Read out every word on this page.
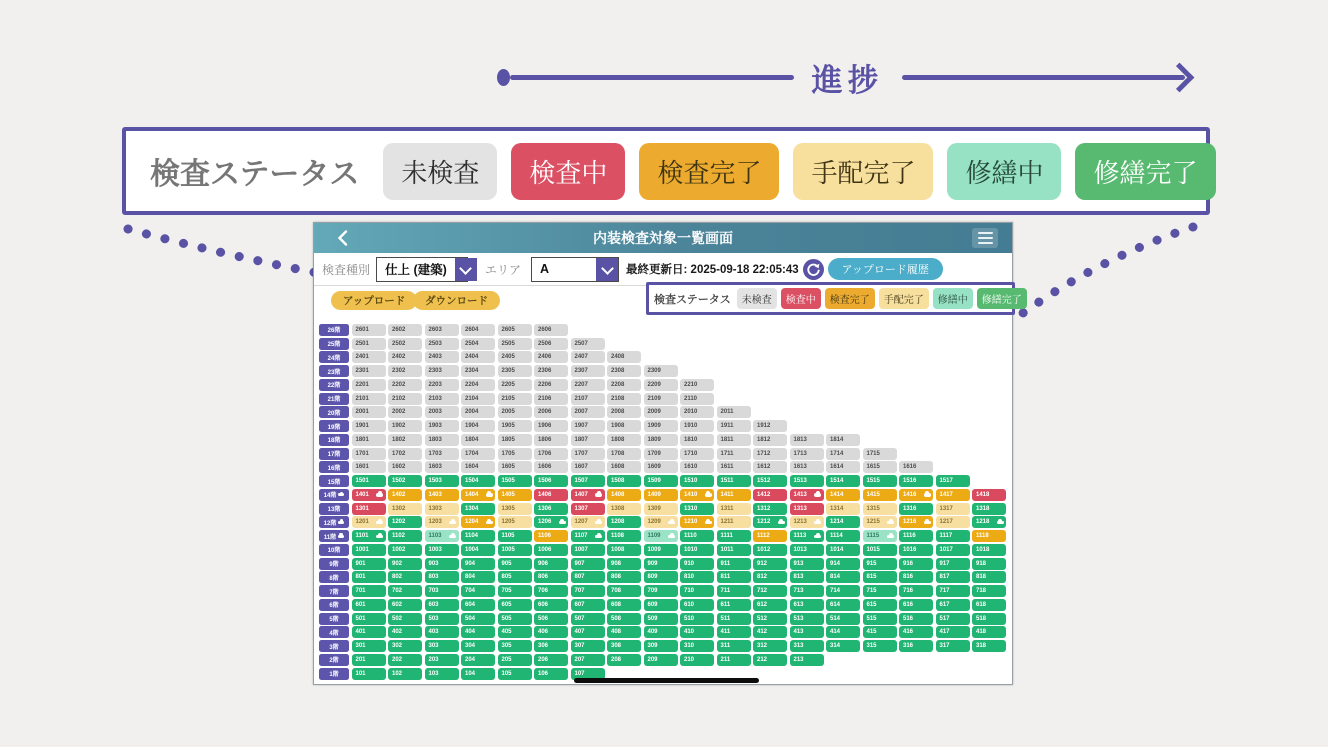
進捗
検査ステータス	未検査	検査中	検査完了	手配完了	修繕中	修繕完了
内装検査対象一覧画面
検査種別	仕上 (建築)	エリア	A	最終更新日: 2025-09-18 22:05:43	アップロード履歴
アップロード	ダウンロード	検査ステータス	未検査	検査中	検査完了	手配完了	修繕中	修繕完了
26階	2601	2602	2603	2604	2605	2606
25階	2501	2502	2503	2504	2505	2506	2507
24階	2401	2402	2403	2404	2405	2406	2407	2408
23階	2301	2302	2303	2304	2305	2306	2307	2308	2309
22階	2201	2202	2203	2204	2205	2206	2207	2208	2209	2210
21階	2101	2102	2103	2104	2105	2106	2107	2108	2109	2110
20階	2001	2002	2003	2004	2005	2006	2007	2008	2009	2010	2011
19階	1901	1902	1903	1904	1905	1906	1907	1908	1909	1910	1911	1912
18階	1801	1802	1803	1804	1805	1806	1807	1808	1809	1810	1811	1812	1813	1814
17階	1701	1702	1703	1704	1705	1706	1707	1708	1709	1710	1711	1712	1713	1714	1715
16階	1601	1602	1603	1604	1605	1606	1607	1608	1609	1610	1611	1612	1613	1614	1615	1616
15階	1501	1502	1503	1504	1505	1506	1507	1508	1509	1510	1511	1512	1513	1514	1515	1516	1517
14階	1401	1402	1403	1404	1405	1406	1407	1408	1409	1410	1411	1412	1413	1414	1415	1416	1417	1418
13階	1301	1302	1303	1304	1305	1306	1307	1308	1309	1310	1311	1312	1313	1314	1315	1316	1317	1318
12階	1201	1202	1203	1204	1205	1206	1207	1208	1209	1210	1211	1212	1213	1214	1215	1216	1217	1218
11階	1101	1102	1103	1104	1105	1106	1107	1108	1109	1110	1111	1112	1113	1114	1115	1116	1117	1118
10階	1001	1002	1003	1004	1005	1006	1007	1008	1009	1010	1011	1012	1013	1014	1015	1016	1017	1018
9階	901	902	903	904	905	906	907	908	909	910	911	912	913	914	915	916	917	918
8階	801	802	803	804	805	806	807	808	809	810	811	812	813	814	815	816	817	818
7階	701	702	703	704	705	706	707	708	709	710	711	712	713	714	715	716	717	718
6階	601	602	603	604	605	606	607	608	609	610	611	612	613	614	615	616	617	618
5階	501	502	503	504	505	506	507	508	509	510	511	512	513	514	515	516	517	518
4階	401	402	403	404	405	406	407	408	409	410	411	412	413	414	415	416	417	418
3階	301	302	303	304	305	306	307	308	309	310	311	312	313	314	315	316	317	318
2階	201	202	203	204	205	206	207	208	209	210	211	212	213
1階	101	102	103	104	105	106	107
